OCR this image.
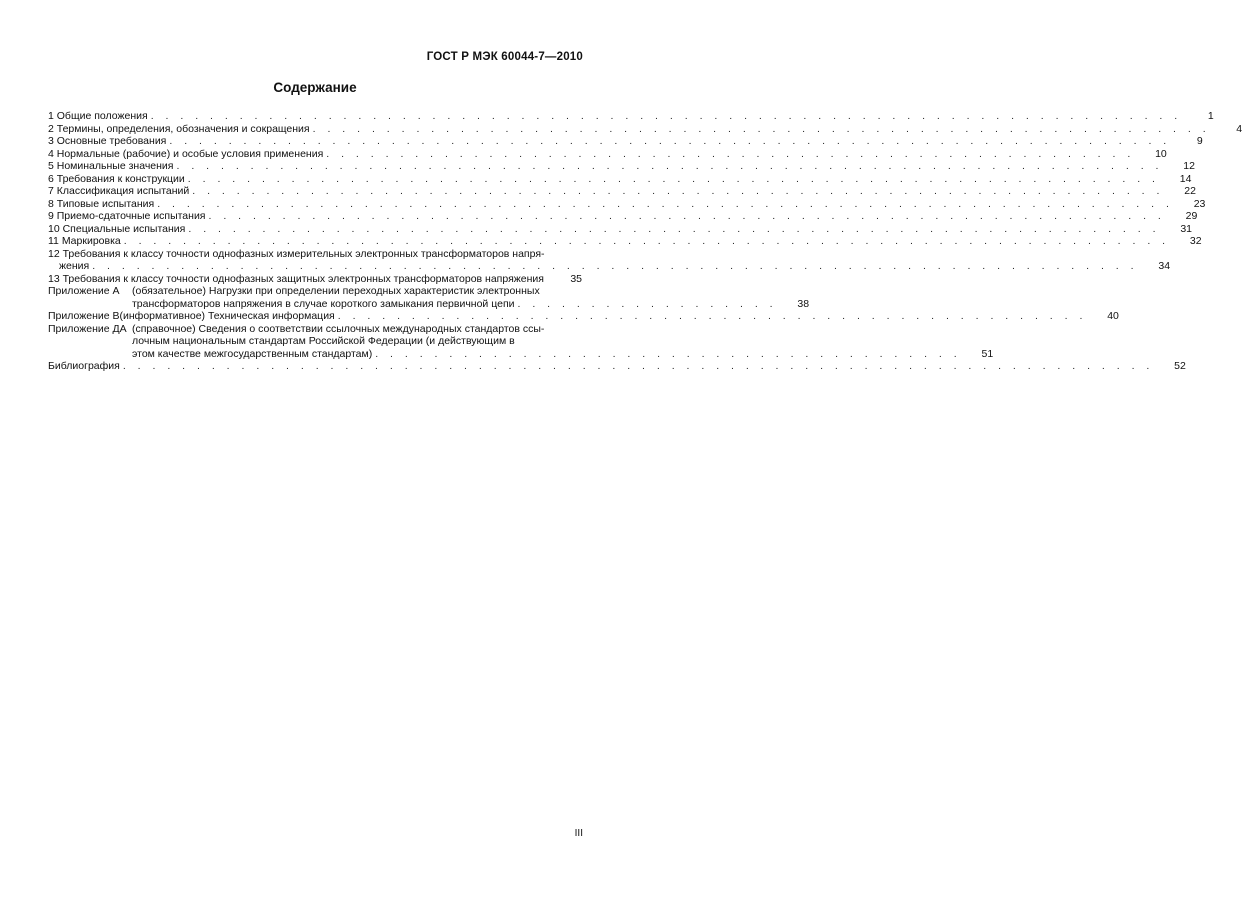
ГОСТ Р МЭК 60044-7—2010
Содержание
1 Общие положения . . . . . . . . . . . . . . . . . . . . . . . . . . . . . . . . . . . . . . . . . . . . . . . . . . . . . . . . . . . . . . . . . . . . . .	1
2 Термины, определения, обозначения и сокращения . . . . . . . . . . . . . . . . . . . . . . . . . . . . . . . . . . . . . . . . . . . . . . . . . . . . . . . . . . . . .	4
3 Основные требования . . . . . . . . . . . . . . . . . . . . . . . . . . . . . . . . . . . . . . . . . . . . . . . . . . . . . . . . . . . . . . . . . . . .	9
4 Нормальные (рабочие) и особые условия применения . . . . . . . . . . . . . . . . . . . . . . . . . . . . . . . . . . . . . . . . . . . . . . . . . . . . . . .	10
5 Номинальные значения . . . . . . . . . . . . . . . . . . . . . . . . . . . . . . . . . . . . . . . . . . . . . . . . . . . . . . . . . . . . . . . . . . .	12
6 Требования к конструкции . . . . . . . . . . . . . . . . . . . . . . . . . . . . . . . . . . . . . . . . . . . . . . . . . . . . . . . . . . . . . . . . . .	14
7 Классификация испытаний . . . . . . . . . . . . . . . . . . . . . . . . . . . . . . . . . . . . . . . . . . . . . . . . . . . . . . . . . . . . . . . . . .	22
8 Типовые испытания . . . . . . . . . . . . . . . . . . . . . . . . . . . . . . . . . . . . . . . . . . . . . . . . . . . . . . . . . . . . . . . . . . . . .	23
9 Приемо-сдаточные испытания . . . . . . . . . . . . . . . . . . . . . . . . . . . . . . . . . . . . . . . . . . . . . . . . . . . . . . . . . . . . . . . . .	29
10 Специальные испытания . . . . . . . . . . . . . . . . . . . . . . . . . . . . . . . . . . . . . . . . . . . . . . . . . . . . . . . . . . . . . . . . . .	31
11 Маркировка . . . . . . . . . . . . . . . . . . . . . . . . . . . . . . . . . . . . . . . . . . . . . . . . . . . . . . . . . . . . . . . . . . . . . . .	32
12 Требования к классу точности однофазных измерительных электронных трансформаторов напря-
жения . . . . . . . . . . . . . . . . . . . . . . . . . . . . . . . . . . . . . . . . . . . . . . . . . . . . . . . . . . . . . . . . . . . . . . .	34
13 Требования к классу точности однофазных защитных электронных трансформаторов напряжения	35
Приложение А	(обязательное) Нагрузки при определении переходных характеристик электронных
трансформаторов напряжения в случае короткого замыкания первичной цепи . . . . . . . . . . . . . . . . . .	38
Приложение В (информативное) Техническая информация . . . . . . . . . . . . . . . . . . . . . . . . . . . . . . . . . . . . . . . . . . . . . . . . . . .	40
Приложение ДА (справочное) Сведения о соответствии ссылочных международных стандартов ссы-
лочным национальным стандартам Российской Федерации (и действующим в
этом качестве межгосударственным стандартам) . . . . . . . . . . . . . . . . . . . . . . . . . . . . . . . . . . . . . . . .	51
Библиография . . . . . . . . . . . . . . . . . . . . . . . . . . . . . . . . . . . . . . . . . . . . . . . . . . . . . . . . . . . . . . . . . . . . . .	52
III
